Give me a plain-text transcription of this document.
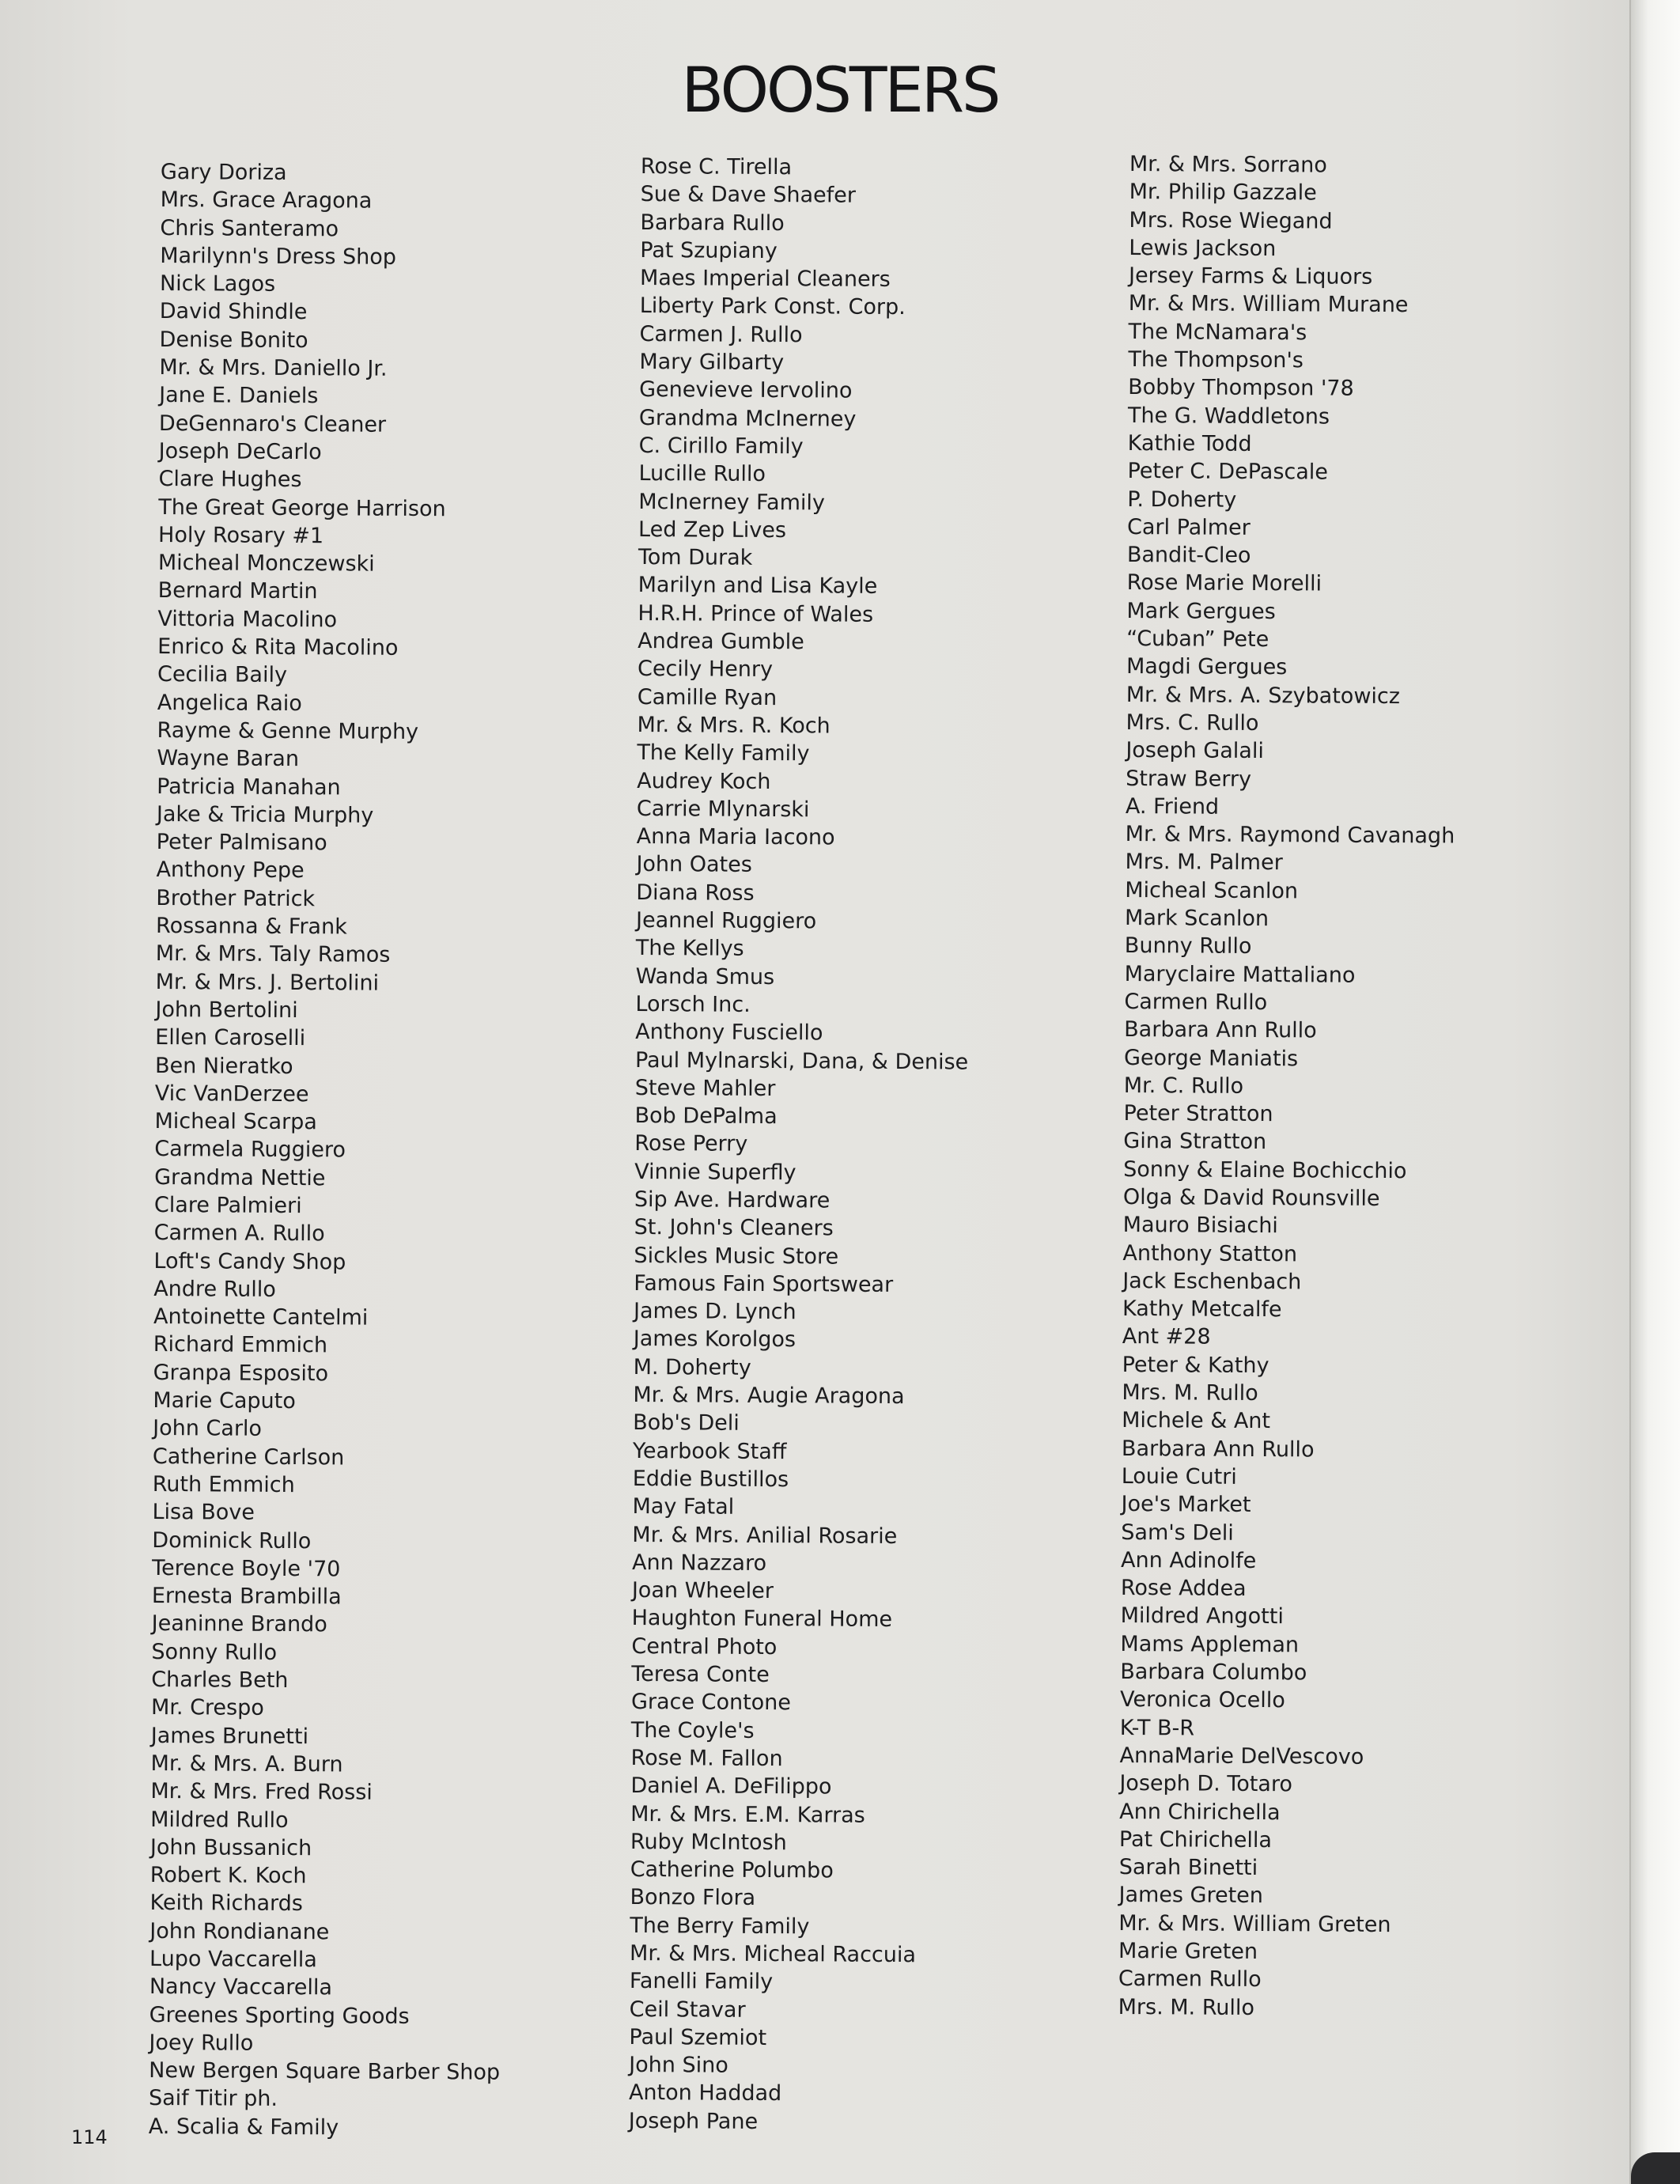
BOOSTERS
Gary Doriza
Mrs. Grace Aragona
Chris Santeramo
Marilynn's Dress Shop
Nick Lagos
David Shindle
Denise Bonito
Mr. & Mrs. Daniello Jr.
Jane E. Daniels
DeGennaro's Cleaner
Joseph DeCarlo
Clare Hughes
The Great George Harrison
Holy Rosary #1
Micheal Monczewski
Bernard Martin
Vittoria Macolino
Enrico & Rita Macolino
Cecilia Baily
Angelica Raio
Rayme & Genne Murphy
Wayne Baran
Patricia Manahan
Jake & Tricia Murphy
Peter Palmisano
Anthony Pepe
Brother Patrick
Rossanna & Frank
Mr. & Mrs. Taly Ramos
Mr. & Mrs. J. Bertolini
John Bertolini
Ellen Caroselli
Ben Nieratko
Vic VanDerzee
Micheal Scarpa
Carmela Ruggiero
Grandma Nettie
Clare Palmieri
Carmen A. Rullo
Loft's Candy Shop
Andre Rullo
Antoinette Cantelmi
Richard Emmich
Granpa Esposito
Marie Caputo
John Carlo
Catherine Carlson
Ruth Emmich
Lisa Bove
Dominick Rullo
Terence Boyle '70
Ernesta Brambilla
Jeaninne Brando
Sonny Rullo
Charles Beth
Mr. Crespo
James Brunetti
Mr. & Mrs. A. Burn
Mr. & Mrs. Fred Rossi
Mildred Rullo
John Bussanich
Robert K. Koch
Keith Richards
John Rondianane
Lupo Vaccarella
Nancy Vaccarella
Greenes Sporting Goods
Joey Rullo
New Bergen Square Barber Shop
Saif Titir ph.
A. Scalia & Family
Rose C. Tirella
Sue & Dave Shaefer
Barbara Rullo
Pat Szupiany
Maes Imperial Cleaners
Liberty Park Const. Corp.
Carmen J. Rullo
Mary Gilbarty
Genevieve Iervolino
Grandma McInerney
C. Cirillo Family
Lucille Rullo
McInerney Family
Led Zep Lives
Tom Durak
Marilyn and Lisa Kayle
H.R.H. Prince of Wales
Andrea Gumble
Cecily Henry
Camille Ryan
Mr. & Mrs. R. Koch
The Kelly Family
Audrey Koch
Carrie Mlynarski
Anna Maria Iacono
John Oates
Diana Ross
Jeannel Ruggiero
The Kellys
Wanda Smus
Lorsch Inc.
Anthony Fusciello
Paul Mylnarski, Dana, & Denise
Steve Mahler
Bob DePalma
Rose Perry
Vinnie Superfly
Sip Ave. Hardware
St. John's Cleaners
Sickles Music Store
Famous Fain Sportswear
James D. Lynch
James Korolgos
M. Doherty
Mr. & Mrs. Augie Aragona
Bob's Deli
Yearbook Staff
Eddie Bustillos
May Fatal
Mr. & Mrs. Anilial Rosarie
Ann Nazzaro
Joan Wheeler
Haughton Funeral Home
Central Photo
Teresa Conte
Grace Contone
The Coyle's
Rose M. Fallon
Daniel A. DeFilippo
Mr. & Mrs. E.M. Karras
Ruby McIntosh
Catherine Polumbo
Bonzo Flora
The Berry Family
Mr. & Mrs. Micheal Raccuia
Fanelli Family
Ceil Stavar
Paul Szemiot
John Sino
Anton Haddad
Joseph Pane
Mr. & Mrs. Sorrano
Mr. Philip Gazzale
Mrs. Rose Wiegand
Lewis Jackson
Jersey Farms & Liquors
Mr. & Mrs. William Murane
The McNamara's
The Thompson's
Bobby Thompson '78
The G. Waddletons
Kathie Todd
Peter C. DePascale
P. Doherty
Carl Palmer
Bandit-Cleo
Rose Marie Morelli
Mark Gergues
“Cuban” Pete
Magdi Gergues
Mr. & Mrs. A. Szybatowicz
Mrs. C. Rullo
Joseph Galali
Straw Berry
A. Friend
Mr. & Mrs. Raymond Cavanagh
Mrs. M. Palmer
Micheal Scanlon
Mark Scanlon
Bunny Rullo
Maryclaire Mattaliano
Carmen Rullo
Barbara Ann Rullo
George Maniatis
Mr. C. Rullo
Peter Stratton
Gina Stratton
Sonny & Elaine Bochicchio
Olga & David Rounsville
Mauro Bisiachi
Anthony Statton
Jack Eschenbach
Kathy Metcalfe
Ant #28
Peter & Kathy
Mrs. M. Rullo
Michele & Ant
Barbara Ann Rullo
Louie Cutri
Joe's Market
Sam's Deli
Ann Adinolfe
Rose Addea
Mildred Angotti
Mams Appleman
Barbara Columbo
Veronica Ocello
K-T B-R
AnnaMarie DelVescovo
Joseph D. Totaro
Ann Chirichella
Pat Chirichella
Sarah Binetti
James Greten
Mr. & Mrs. William Greten
Marie Greten
Carmen Rullo
Mrs. M. Rullo
114
